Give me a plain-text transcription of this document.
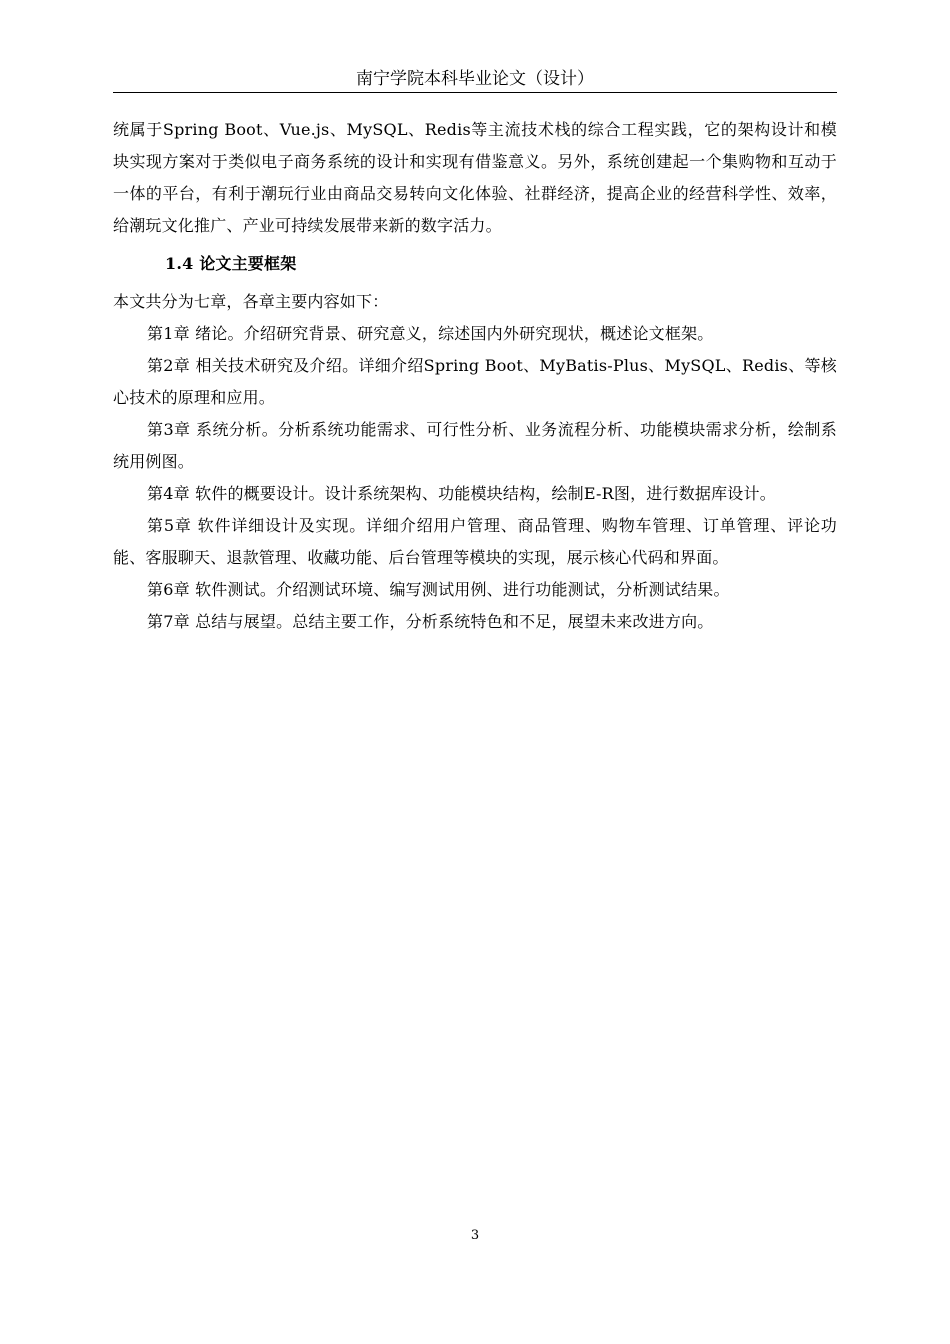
南宁学院本科毕业论文（设计）

统属于Spring Boot、Vue.js、MySQL、Redis等主流技术栈的综合工程实践，它的架构设计和模块实现方案对于类似电子商务系统的设计和实现有借鉴意义。另外，系统创建起一个集购物和互动于一体的平台，有利于潮玩行业由商品交易转向文化体验、社群经济，提高企业的经营科学性、效率，给潮玩文化推广、产业可持续发展带来新的数字活力。

1.4 论文主要框架

本文共分为七章，各章主要内容如下：

第1章 绪论。介绍研究背景、研究意义，综述国内外研究现状，概述论文框架。

第2章 相关技术研究及介绍。详细介绍Spring Boot、MyBatis-Plus、MySQL、Redis、等核心技术的原理和应用。

第3章 系统分析。分析系统功能需求、可行性分析、业务流程分析、功能模块需求分析，绘制系统用例图。

第4章 软件的概要设计。设计系统架构、功能模块结构，绘制E-R图，进行数据库设计。

第5章 软件详细设计及实现。详细介绍用户管理、商品管理、购物车管理、订单管理、评论功能、客服聊天、退款管理、收藏功能、后台管理等模块的实现，展示核心代码和界面。

第6章 软件测试。介绍测试环境、编写测试用例、进行功能测试，分析测试结果。

第7章 总结与展望。总结主要工作，分析系统特色和不足，展望未来改进方向。

3
